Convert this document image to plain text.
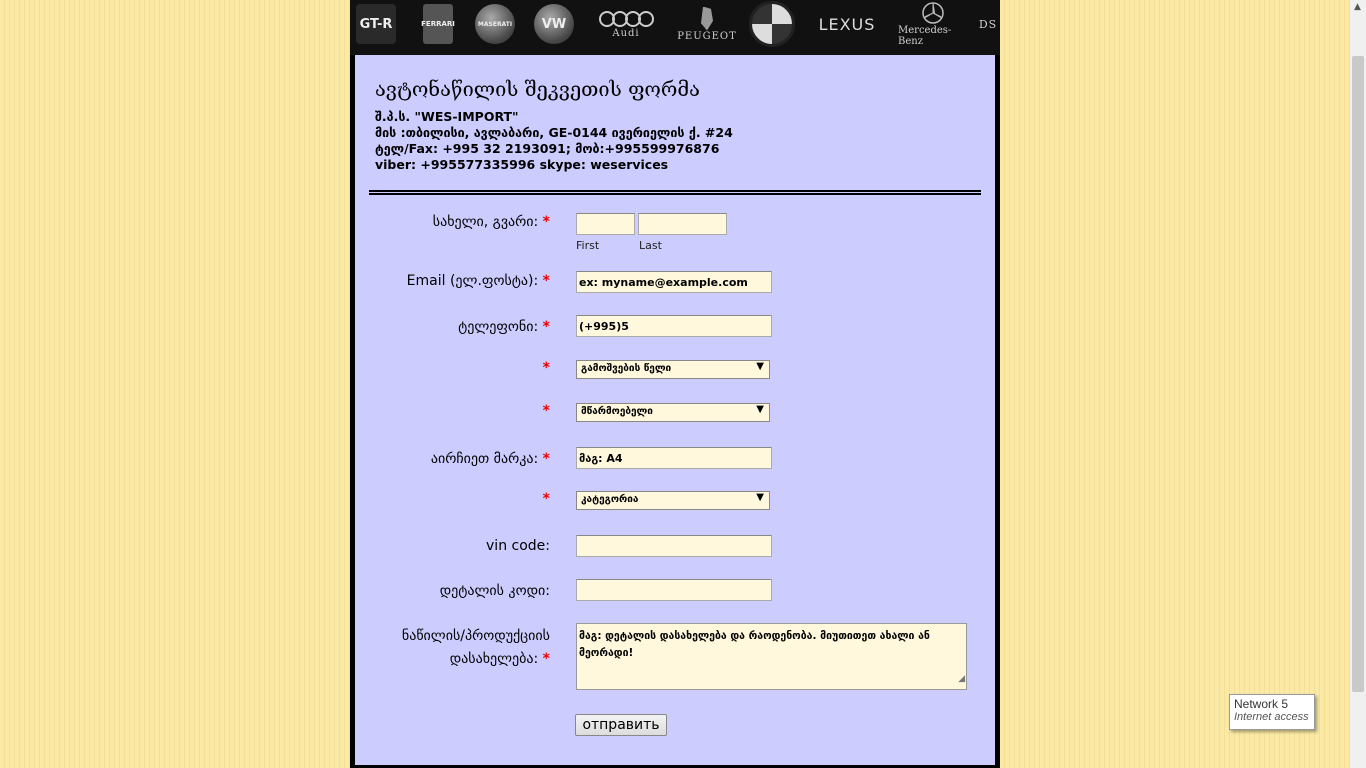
GT-R	FERRARI	MASERATI	VW
Audi	PEUGEOT
LEXUS Mercedes-Benz
DS
ავტონაწილის შეკვეთის ფორმა
შ.პ.ს. "WES-IMPORT"
მის :თბილისი, ავლაბარი, GE-0144 ივერიელის ქ. #24
ტელ/Fax: +995 32 2193091; მობ:+995599976876
viber: +995577335996 skype: weservices
სახელი, გვარი: *
First	Last
Email (ელ.ფოსტა): *	ex: myname@example.com
ტელეფონი: *	(+995)5
*	გამოშვების წელი	▼
*	მწარმოებელი	▼
აირჩიეთ მარკა: *	მაგ: A4
*	კატეგორია	▼
vin code:
დეტალის კოდი:
ნაწილის/პროდუქციის
დასახელება: *
მაგ: დეტალის დასახელება და რაოდენობა. მიუთითეთ ახალი ან მეორადი!
◢
отправить
▲
Network 5
Internet access
